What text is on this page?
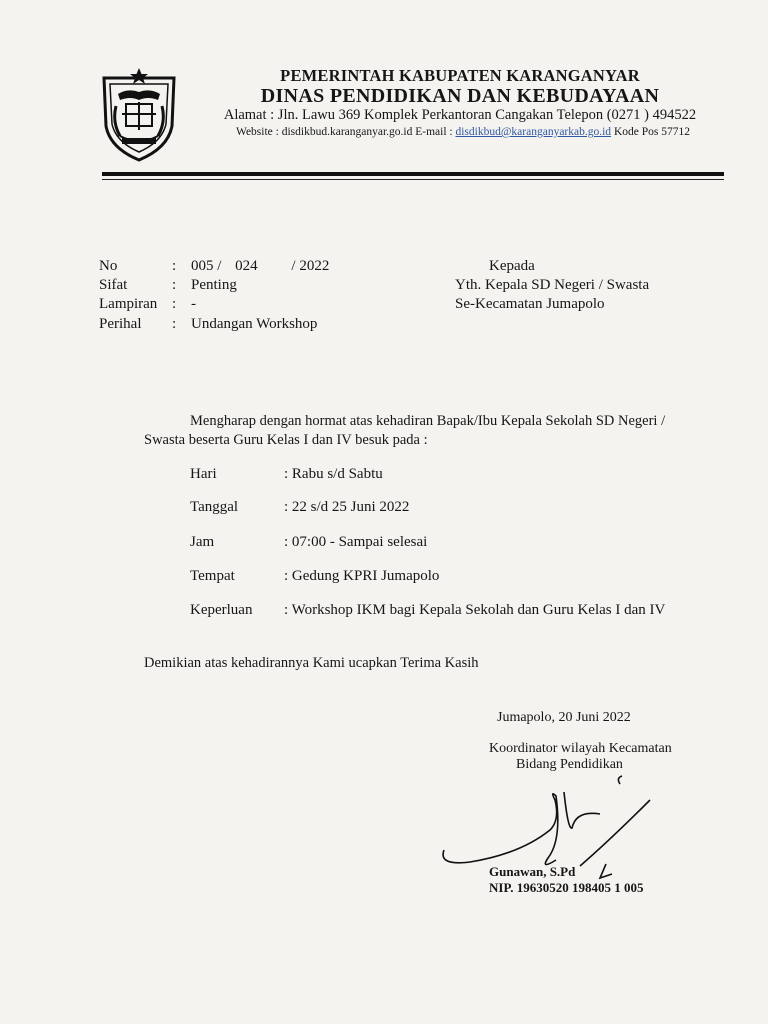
PEMERINTAH KABUPATEN KARANGANYAR
DINAS PENDIDIKAN DAN KEBUDAYAAN
Alamat : Jln. Lawu 369 Komplek Perkantoran Cangakan Telepon (0271 ) 494522
Website : disdikbud.karanganyar.go.id E-mail : disdikbud@karanganyarkab.go.id Kode Pos 57712
No	: 005 / 024 / 2022
Sifat	: Penting
Lampiran : -
Perihal : Undangan Workshop
Kepada
Yth. Kepala SD Negeri / Swasta
Se-Kecamatan Jumapolo
Mengharap dengan hormat atas kehadiran Bapak/Ibu Kepala Sekolah SD Negeri /
Swasta beserta Guru Kelas I dan IV besuk pada :
Hari	: Rabu s/d Sabtu
Tanggal	: 22 s/d 25 Juni 2022
Jam	: 07:00 - Sampai selesai
Tempat	: Gedung KPRI Jumapolo
Keperluan : Workshop IKM bagi Kepala Sekolah dan Guru Kelas I dan IV
Demikian atas kehadirannya Kami ucapkan Terima Kasih
Jumapolo, 20 Juni 2022
Koordinator wilayah Kecamatan
Bidang Pendidikan
Gunawan, S.Pd
NIP. 19630520 198405 1 005
